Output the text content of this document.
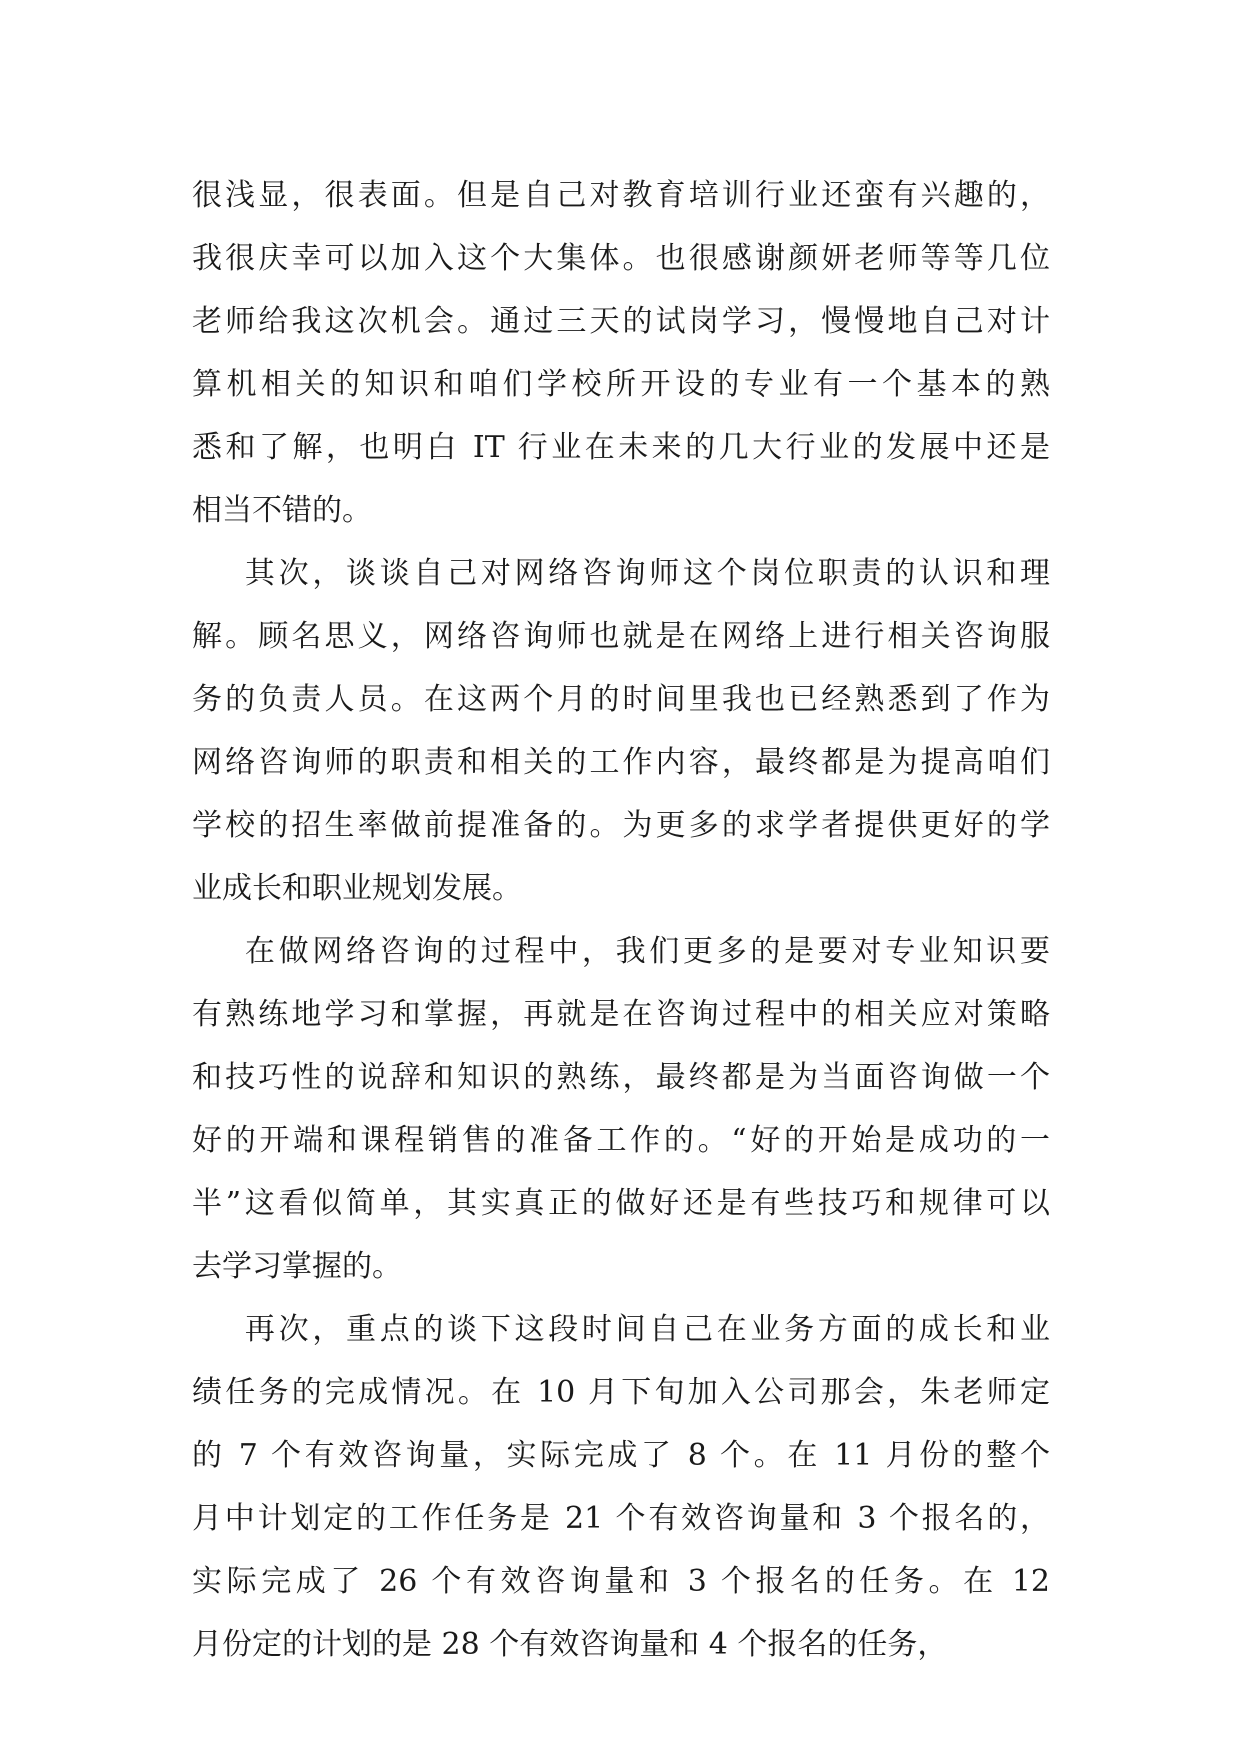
很浅显，很表面。但是自己对教育培训行业还蛮有兴趣的，
我很庆幸可以加入这个大集体。也很感谢颜妍老师等等几位
老师给我这次机会。通过三天的试岗学习，慢慢地自己对计
算机相关的知识和咱们学校所开设的专业有一个基本的熟
悉和了解，也明白 IT 行业在未来的几大行业的发展中还是
相当不错的。
其次，谈谈自己对网络咨询师这个岗位职责的认识和理
解。顾名思义，网络咨询师也就是在网络上进行相关咨询服
务的负责人员。在这两个月的时间里我也已经熟悉到了作为
网络咨询师的职责和相关的工作内容，最终都是为提高咱们
学校的招生率做前提准备的。为更多的求学者提供更好的学
业成长和职业规划发展。
在做网络咨询的过程中，我们更多的是要对专业知识要
有熟练地学习和掌握，再就是在咨询过程中的相关应对策略
和技巧性的说辞和知识的熟练，最终都是为当面咨询做一个
好的开端和课程销售的准备工作的。“好的开始是成功的一
半”这看似简单，其实真正的做好还是有些技巧和规律可以
去学习掌握的。
再次，重点的谈下这段时间自己在业务方面的成长和业
绩任务的完成情况。在 10 月下旬加入公司那会，朱老师定
的 7 个有效咨询量，实际完成了 8 个。在 11 月份的整个
月中计划定的工作任务是 21 个有效咨询量和 3 个报名的，
实际完成了 26 个有效咨询量和 3 个报名的任务。在 12
月份定的计划的是 28 个有效咨询量和 4 个报名的任务，
